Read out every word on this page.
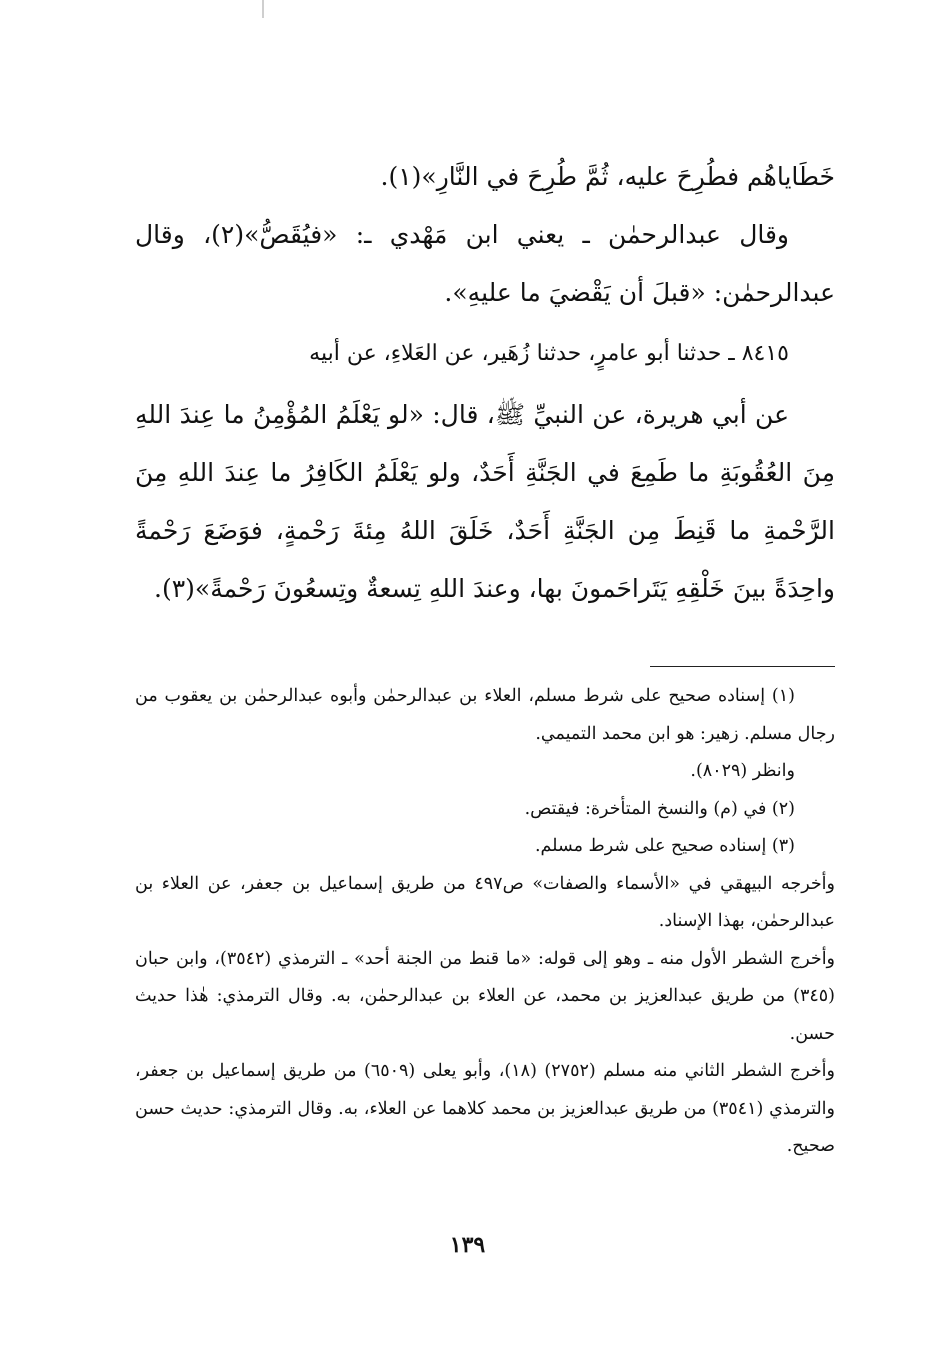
خَطَاياهُم فطُرِحَ عليه، ثُمَّ طُرِحَ في النَّارِ»(١).

وقال عبدالرحمٰن ـ يعني ابن مَهْدي ـ: «فيُقَصُّ»(٢)، وقال عبدالرحمٰن: «قبلَ أن يَقْضيَ ما عليهِ».

٨٤١٥ ـ حدثنا أبو عامرٍ، حدثنا زُهَير، عن العَلاءِ، عن أبيه

عن أبي هريرة، عن النبيِّ ﷺ، قال: «لو يَعْلَمُ المُؤْمِنُ ما عِندَ اللهِ مِنَ العُقُوبَةِ ما طَمِعَ في الجَنَّةِ أَحَدٌ، ولو يَعْلَمُ الكَافِرُ ما عِندَ اللهِ مِنَ الرَّحْمةِ ما قَنِطَ مِن الجَنَّةِ أَحَدٌ، خَلَقَ اللهُ مِئةَ رَحْمةٍ، فوَضَعَ رَحْمةً واحِدَةً بينَ خَلْقِهِ يَتَراحَمونَ بها، وعندَ اللهِ تِسعةٌ وتِسعُونَ رَحْمةً»(٣).

(١) إسناده صحيح على شرط مسلم، العلاء بن عبدالرحمٰن وأبوه عبدالرحمٰن بن يعقوب من رجال مسلم. زهير: هو ابن محمد التميمي.

وانظر (٨٠٢٩).

(٢) في (م) والنسخ المتأخرة: فيقتص.

(٣) إسناده صحيح على شرط مسلم.

وأخرجه البيهقي في «الأسماء والصفات» ص٤٩٧ من طريق إسماعيل بن جعفر، عن العلاء بن عبدالرحمٰن، بهذا الإسناد.

وأخرج الشطر الأول منه ـ وهو إلى قوله: «ما قنط من الجنة أحد» ـ الترمذي (٣٥٤٢)، وابن حبان (٣٤٥) من طريق عبدالعزيز بن محمد، عن العلاء بن عبدالرحمٰن، به. وقال الترمذي: هٰذا حديث حسن.

وأخرج الشطر الثاني منه مسلم (٢٧٥٢) (١٨)، وأبو يعلى (٦٥٠٩) من طريق إسماعيل بن جعفر، والترمذي (٣٥٤١) من طريق عبدالعزيز بن محمد كلاهما عن العلاء، به. وقال الترمذي: حديث حسن صحيح.

١٣٩
